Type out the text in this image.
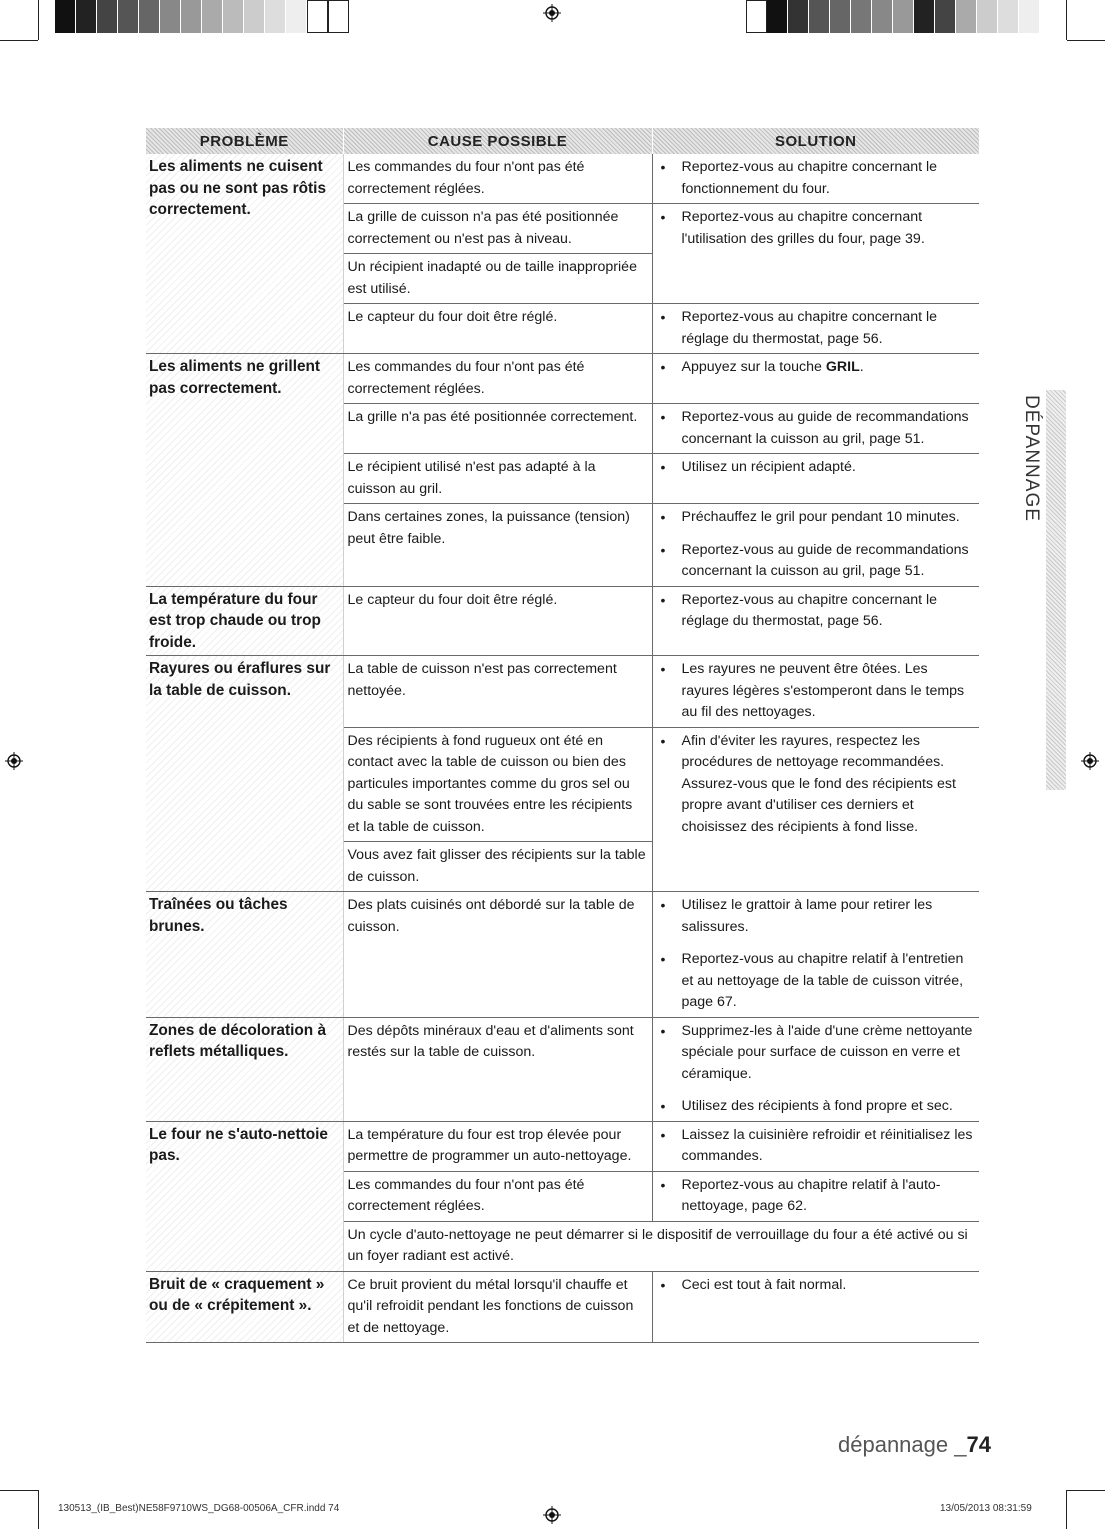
PROBLÈME	CAUSE POSSIBLE	SOLUTION
Les aliments ne cuisent pas ou ne sont pas rôtis correctement.	Les commandes du four n'ont pas été correctement réglées.	• Reportez-vous au chapitre concernant le fonctionnement du four.

	La grille de cuisson n'a pas été positionnée correctement ou n'est pas à niveau.	• Reportez-vous au chapitre concernant l'utilisation des grilles du four, page 39.

	Un récipient inadapté ou de taille inappropriée est utilisé.	
	Le capteur du four doit être réglé.	• Reportez-vous au chapitre concernant le réglage du thermostat, page 56.

Les aliments ne grillent pas correctement.	Les commandes du four n'ont pas été correctement réglées.	• Appuyez sur la touche GRIL.

	La grille n'a pas été positionnée correctement.	• Reportez-vous au guide de recommandations concernant la cuisson au gril, page 51.

	Le récipient utilisé n'est pas adapté à la cuisson au gril.	• Utilisez un récipient adapté.

	Dans certaines zones, la puissance (tension) peut être faible.	• Préchauffez le gril pour pendant 10 minutes.
• Reportez-vous au guide de recommandations concernant la cuisson au gril, page 51.

La température du four est trop chaude ou trop froide.	Le capteur du four doit être réglé.	• Reportez-vous au chapitre concernant le réglage du thermostat, page 56.

Rayures ou éraflures sur la table de cuisson.	La table de cuisson n'est pas correctement nettoyée.	• Les rayures ne peuvent être ôtées. Les rayures légères s'estomperont dans le temps au fil des nettoyages.

	Des récipients à fond rugueux ont été en contact avec la table de cuisson ou bien des particules importantes comme du gros sel ou du sable se sont trouvées entre les récipients et la table de cuisson.	• Afin d'éviter les rayures, respectez les procédures de nettoyage recommandées. Assurez-vous que le fond des récipients est propre avant d'utiliser ces derniers et choisissez des récipients à fond lisse.

	Vous avez fait glisser des récipients sur la table de cuisson.	
Traînées ou tâches brunes.	Des plats cuisinés ont débordé sur la table de cuisson.	• Utilisez le grattoir à lame pour retirer les salissures.
• Reportez-vous au chapitre relatif à l'entretien et au nettoyage de la table de cuisson vitrée, page 67.

Zones de décoloration à reflets métalliques.	Des dépôts minéraux d'eau et d'aliments sont restés sur la table de cuisson.	• Supprimez-les à l'aide d'une crème nettoyante spéciale pour surface de cuisson en verre et céramique.
• Utilisez des récipients à fond propre et sec.

Le four ne s'auto-nettoie pas.	La température du four est trop élevée pour permettre de programmer un auto-nettoyage.	• Laissez la cuisinière refroidir et réinitialisez les commandes.

	Les commandes du four n'ont pas été correctement réglées.	• Reportez-vous au chapitre relatif à l'auto-nettoyage, page 62.

	Un cycle d'auto-nettoyage ne peut démarrer si le dispositif de verrouillage du four a été activé ou si un foyer radiant est activé.	
Bruit de « craquement » ou de « crépitement ».	Ce bruit provient du métal lorsqu'il chauffe et qu'il refroidit pendant les fonctions de cuisson et de nettoyage.	• Ceci est tout à fait normal.
DÉPANNAGE
dépannage _74
130513_(IB_Best)NE58F9710WS_DG68-00506A_CFR.indd 74	13/05/2013 08:31:59
